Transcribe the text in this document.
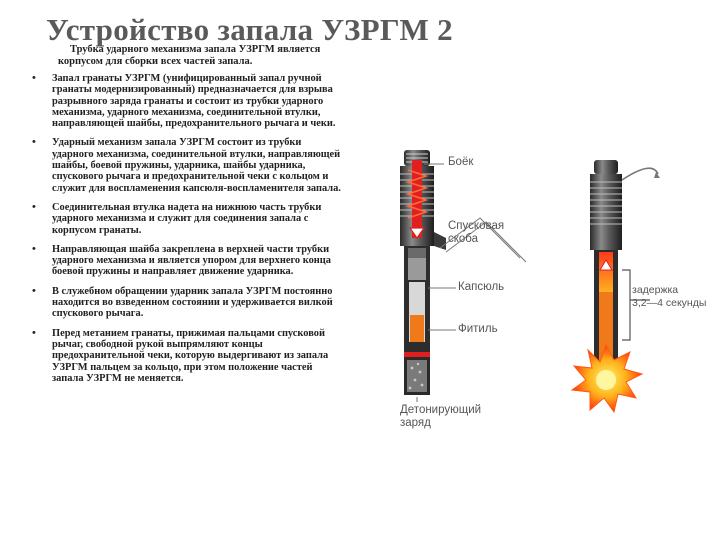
Устройство запала УЗРГМ 2
Трубка ударного механизма запала УЗРГМ является
корпусом для сборки всех частей запала.
• Запал гранаты УЗРГМ (унифицированный запал ручной гранаты модернизированный) предназначается для взрыва разрывного заряда гранаты и состоит из трубки ударного механизма, ударного механизма, соединительной втулки, направляющей шайбы, предохранительного рычага и чеки.
• Ударный механизм запала УЗРГМ состоит из трубки ударного механизма, соединительной втулки, направляющей шайбы, боевой пружины, ударника, шайбы ударника, спускового рычага и предохранительной чеки с кольцом и служит для воспламенения капсюля-воспламенителя запала.
• Соединительная втулка надета на нижнюю часть трубки ударного механизма и служит для соединения запала с корпусом гранаты.
• Направляющая шайба закреплена в верхней части трубки ударного механизма и является упором для верхнего конца боевой пружины и направляет движение ударника.
• В служебном обращении ударник запала УЗРГМ постоянно находится во взведенном состоянии и удерживается вилкой спускового рычага.
• Перед метанием гранаты, прижимая пальцами спусковой рычаг, свободной рукой выпрямляют концы предохранительной чеки, которую выдергивают из запала УЗРГМ пальцем за кольцо, при этом положение частей запала УЗРГМ не меняется.
Боёк
Спусковая
скоба
Капсюль
Фитиль
Детонирующий
заряд
задержка
3,2—4 секунды
